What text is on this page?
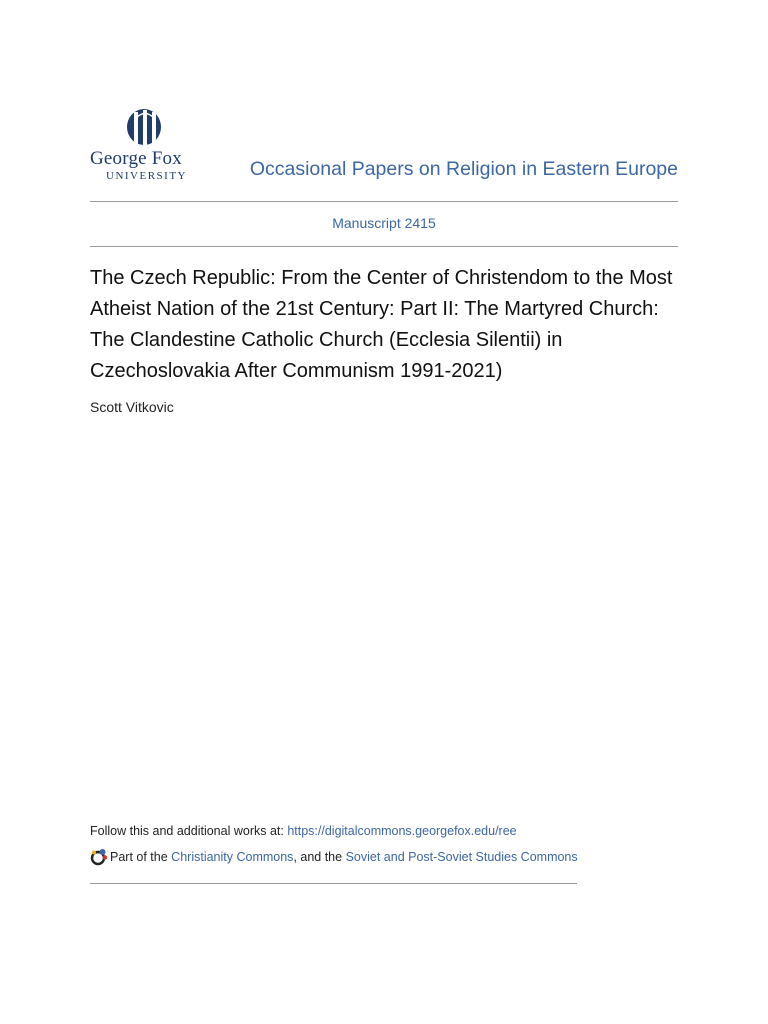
George Fox
UNIVERSITY	Occasional Papers on Religion in Eastern Europe
Manuscript 2415
The Czech Republic: From the Center of Christendom to the Most
Atheist Nation of the 21st Century: Part II: The Martyred Church:
The Clandestine Catholic Church (Ecclesia Silentii) in
Czechoslovakia After Communism 1991-2021)
Scott Vitkovic
Follow this and additional works at: https://digitalcommons.georgefox.edu/ree
Part of the
Christianity Commons , and the
Soviet and Post-Soviet Studies Commons
